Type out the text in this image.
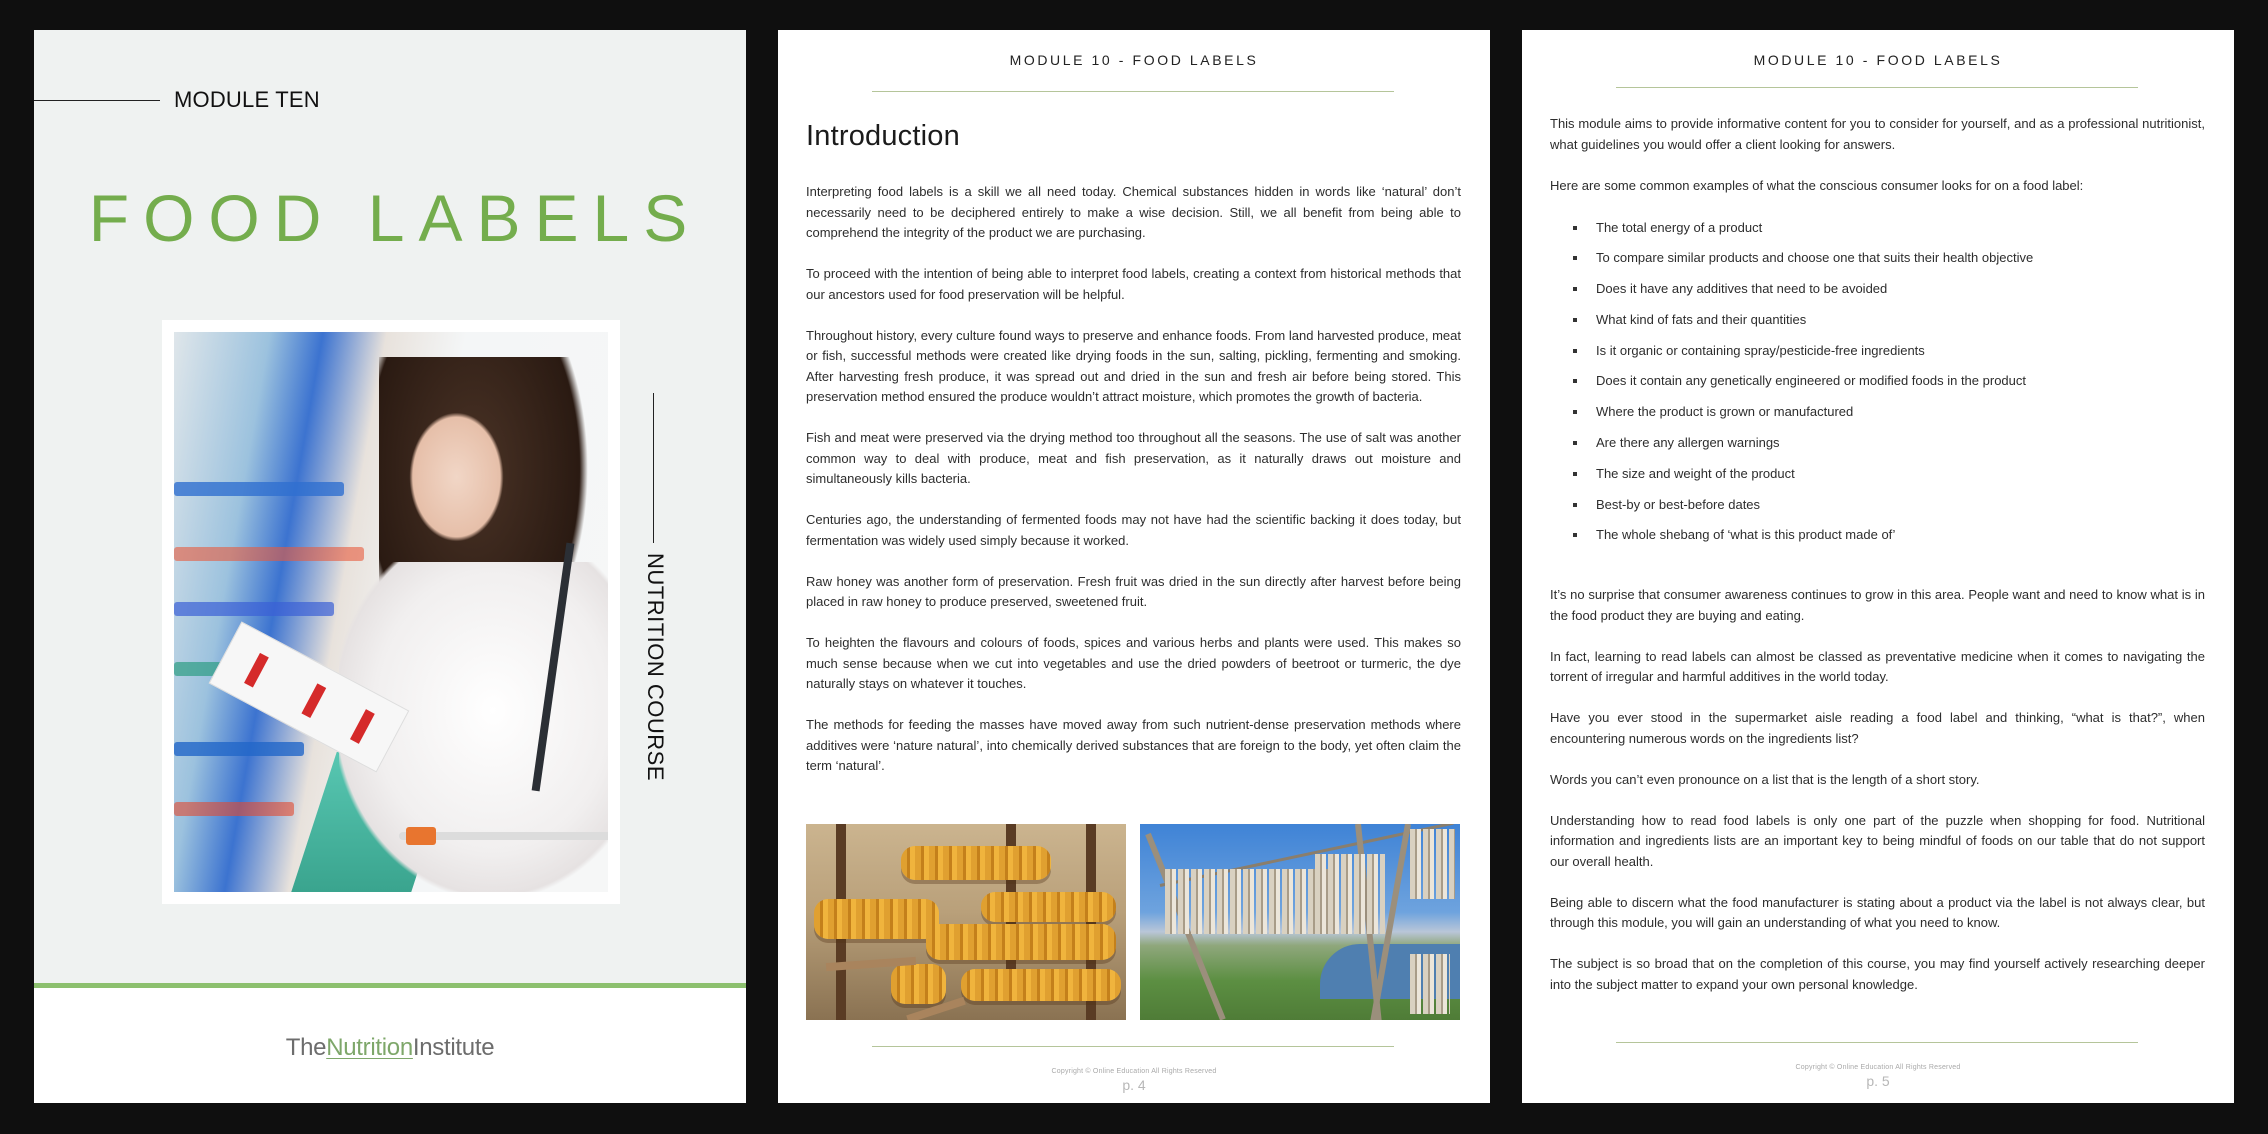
MODULE TEN
FOOD LABELS
NUTRITION COURSE
TheNutritionInstitute
MODULE 10 - FOOD LABELS
Introduction

Interpreting food labels is a skill we all need today. Chemical substances hidden in words like ‘natural’ don’t necessarily need to be deciphered entirely to make a wise decision. Still, we all benefit from being able to comprehend the integrity of the product we are purchasing.

To proceed with the intention of being able to interpret food labels, creating a context from historical methods that our ancestors used for food preservation will be helpful.

Throughout history, every culture found ways to preserve and enhance foods. From land harvested produce, meat or fish, successful methods were created like drying foods in the sun, salting, pickling, fermenting and smoking. After harvesting fresh produce, it was spread out and dried in the sun and fresh air before being stored. This preservation method ensured the produce wouldn’t attract moisture, which promotes the growth of bacteria.

Fish and meat were preserved via the drying method too throughout all the seasons. The use of salt was another common way to deal with produce, meat and fish preservation, as it naturally draws out moisture and simultaneously kills bacteria.

Centuries ago, the understanding of fermented foods may not have had the scientific backing it does today, but fermentation was widely used simply because it worked.

Raw honey was another form of preservation. Fresh fruit was dried in the sun directly after harvest before being placed in raw honey to produce preserved, sweetened fruit.

To heighten the flavours and colours of foods, spices and various herbs and plants were used. This makes so much sense because when we cut into vegetables and use the dried powders of beetroot or turmeric, the dye naturally stays on whatever it touches.

The methods for feeding the masses have moved away from such nutrient-dense preservation methods where additives were ‘nature natural’, into chemically derived substances that are foreign to the body, yet often claim the term ‘natural’.

Copyright © Online Education All Rights Reserved
p. 4
MODULE 10 - FOOD LABELS

This module aims to provide informative content for you to consider for yourself, and as a professional nutritionist, what guidelines you would offer a client looking for answers.

Here are some common examples of what the conscious consumer looks for on a food label:

The total energy of a product
To compare similar products and choose one that suits their health objective
Does it have any additives that need to be avoided
What kind of fats and their quantities
Is it organic or containing spray/pesticide-free ingredients
Does it contain any genetically engineered or modified foods in the product
Where the product is grown or manufactured
Are there any allergen warnings
The size and weight of the product
Best-by or best-before dates
The whole shebang of ‘what is this product made of’

It’s no surprise that consumer awareness continues to grow in this area. People want and need to know what is in the food product they are buying and eating.

In fact, learning to read labels can almost be classed as preventative medicine when it comes to navigating the torrent of irregular and harmful additives in the world today.

Have you ever stood in the supermarket aisle reading a food label and thinking, “what is that?”, when encountering numerous words on the ingredients list?

Words you can’t even pronounce on a list that is the length of a short story.

Understanding how to read food labels is only one part of the puzzle when shopping for food. Nutritional information and ingredients lists are an important key to being mindful of foods on our table that do not support our overall health.

Being able to discern what the food manufacturer is stating about a product via the label is not always clear, but through this module, you will gain an understanding of what you need to know.

The subject is so broad that on the completion of this course, you may find yourself actively researching deeper into the subject matter to expand your own personal knowledge.

Copyright © Online Education All Rights Reserved
p. 5
